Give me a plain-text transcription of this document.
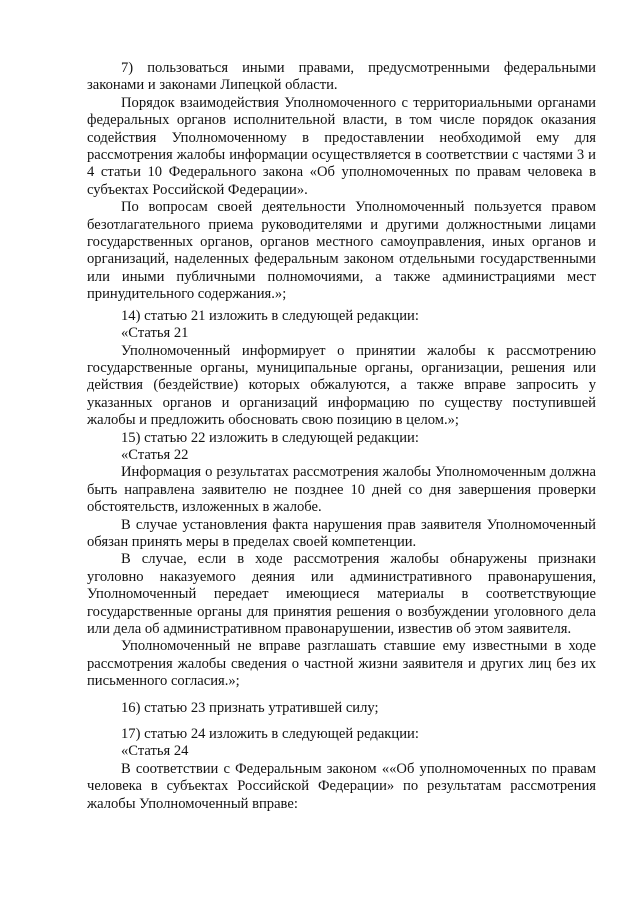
7) пользоваться иными правами, предусмотренными федеральными законами и законами Липецкой области.

Порядок взаимодействия Уполномоченного с территориальными органами федеральных органов исполнительной власти, в том числе порядок оказания содействия Уполномоченному в предоставлении необходимой ему для рассмотрения жалобы информации осуществляется в соответствии с частями 3 и 4 статьи 10 Федерального закона «Об уполномоченных по правам человека в субъектах Российской Федерации».

По вопросам своей деятельности Уполномоченный пользуется правом безотлагательного приема руководителями и другими должностными лицами государственных органов, органов местного самоуправления, иных органов и организаций, наделенных федеральным законом отдельными государственными или иными публичными полномочиями, а также администрациями мест принудительного содержания.»;

14) статью 21 изложить в следующей редакции:

«Статья 21

Уполномоченный информирует о принятии жалобы к рассмотрению государственные органы, муниципальные органы, организации, решения или действия (бездействие) которых обжалуются, а также вправе запросить у указанных органов и организаций информацию по существу поступившей жалобы и предложить обосновать свою позицию в целом.»;

15) статью 22 изложить в следующей редакции:

«Статья 22

Информация о результатах рассмотрения жалобы Уполномоченным должна быть направлена заявителю не позднее 10 дней со дня завершения проверки обстоятельств, изложенных в жалобе.

В случае установления факта нарушения прав заявителя Уполномоченный обязан принять меры в пределах своей компетенции.

В случае, если в ходе рассмотрения жалобы обнаружены признаки уголовно наказуемого деяния или административного правонарушения, Уполномоченный передает имеющиеся материалы в соответствующие государственные органы для принятия решения о возбуждении уголовного дела или дела об административном правонарушении, известив об этом заявителя.

Уполномоченный не вправе разглашать ставшие ему известными в ходе рассмотрения жалобы сведения о частной жизни заявителя и других лиц без их письменного согласия.»;

16) статью 23 признать утратившей силу;

17) статью 24 изложить в следующей редакции:

«Статья 24

В соответствии с Федеральным законом ««Об уполномоченных по правам человека в субъектах Российской Федерации» по результатам рассмотрения жалобы Уполномоченный вправе:
